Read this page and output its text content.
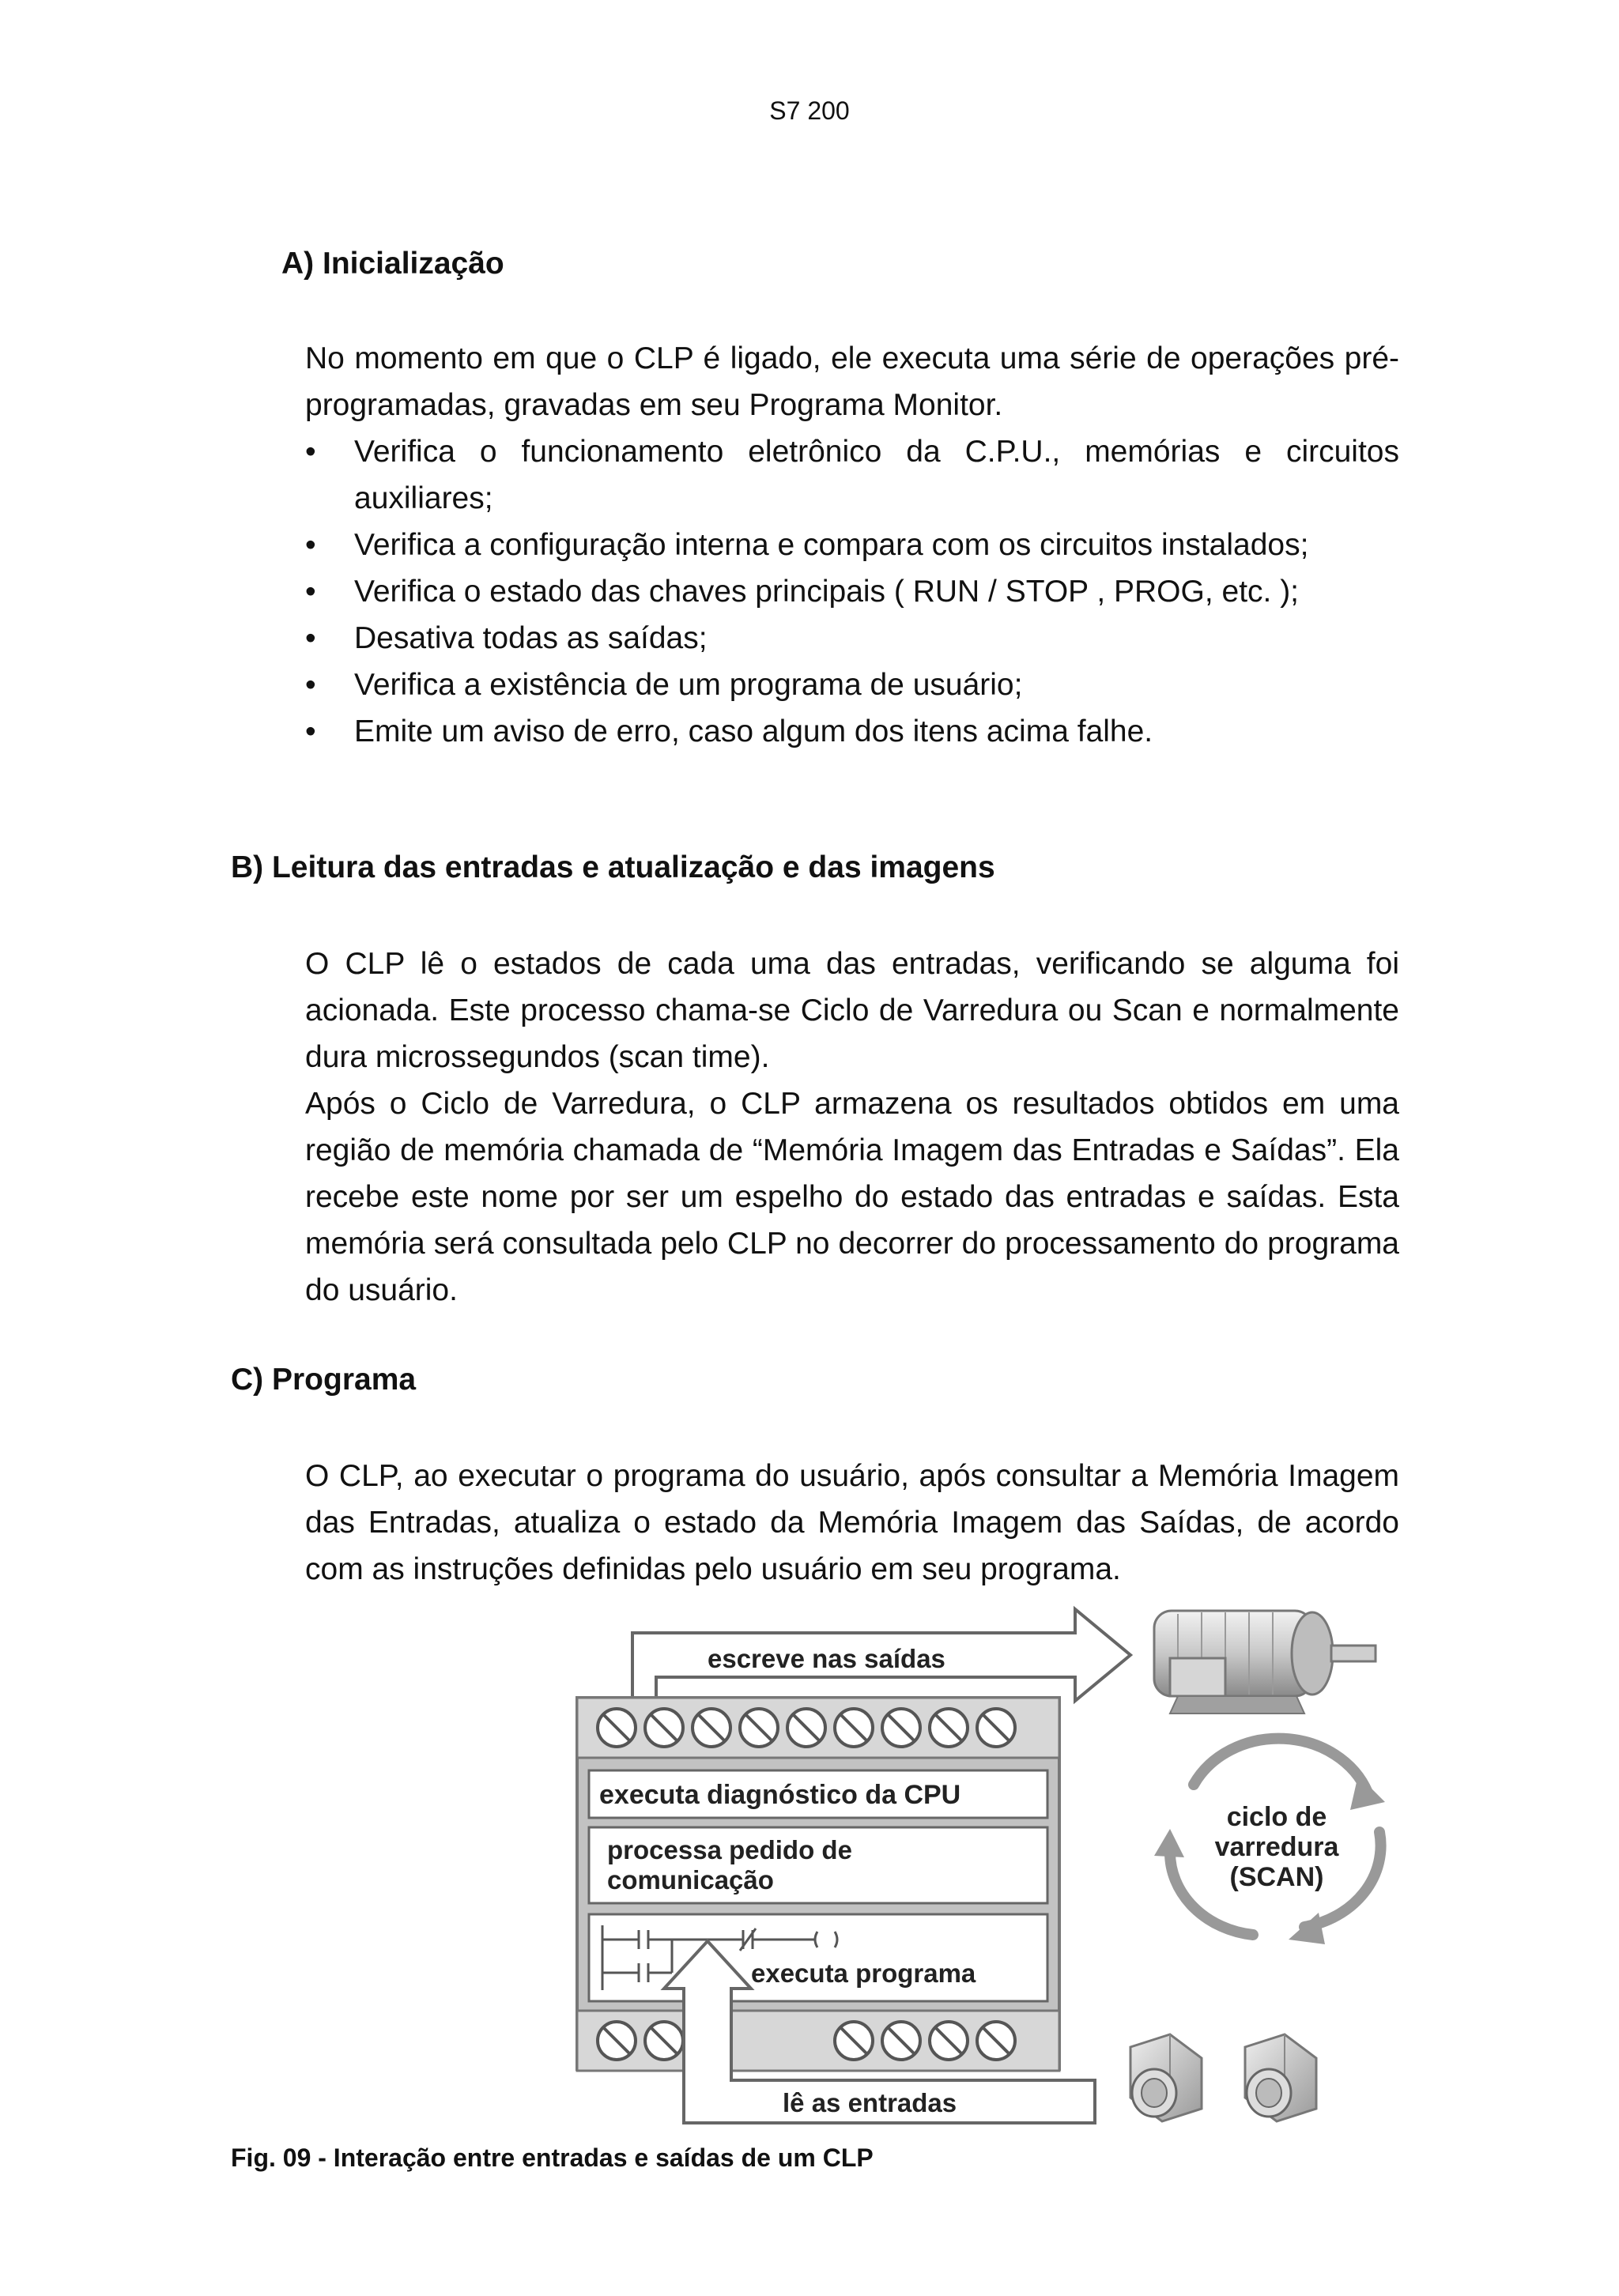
S7 200
A) Inicialização

No momento em que o CLP é ligado, ele executa uma série de operações pré-programadas, gravadas em seu Programa Monitor.

• Verifica o funcionamento eletrônico da C.P.U., memórias e circuitos auxiliares;
• Verifica a configuração interna e compara com os circuitos instalados;
• Verifica o estado das chaves principais ( RUN / STOP , PROG, etc. );
• Desativa todas as saídas;
• Verifica a existência de um programa de usuário;
• Emite um aviso de erro, caso algum dos itens acima falhe.
B) Leitura das entradas e atualização e das imagens

O CLP lê o estados de cada uma das entradas, verificando se alguma foi acionada. Este processo chama-se Ciclo de Varredura ou Scan e normalmente dura microssegundos (scan time).

Após o Ciclo de Varredura, o CLP armazena os resultados obtidos em uma região de memória chamada de “Memória Imagem das Entradas e Saídas”. Ela recebe este nome por ser um espelho do estado das entradas e saídas. Esta memória será consultada pelo CLP no decorrer do processamento do programa do usuário.

C) Programa

O CLP, ao executar o programa do usuário, após consultar a Memória Imagem das Entradas, atualiza o estado da Memória Imagem das Saídas, de acordo com as instruções definidas pelo usuário em seu programa.

escreve nas saídas
executa diagnóstico da CPU
processa pedido de
comunicação
executa programa
lê as entradas
ciclo de
varredura
(SCAN)
Fig. 09 - Interação entre entradas e saídas de um CLP
